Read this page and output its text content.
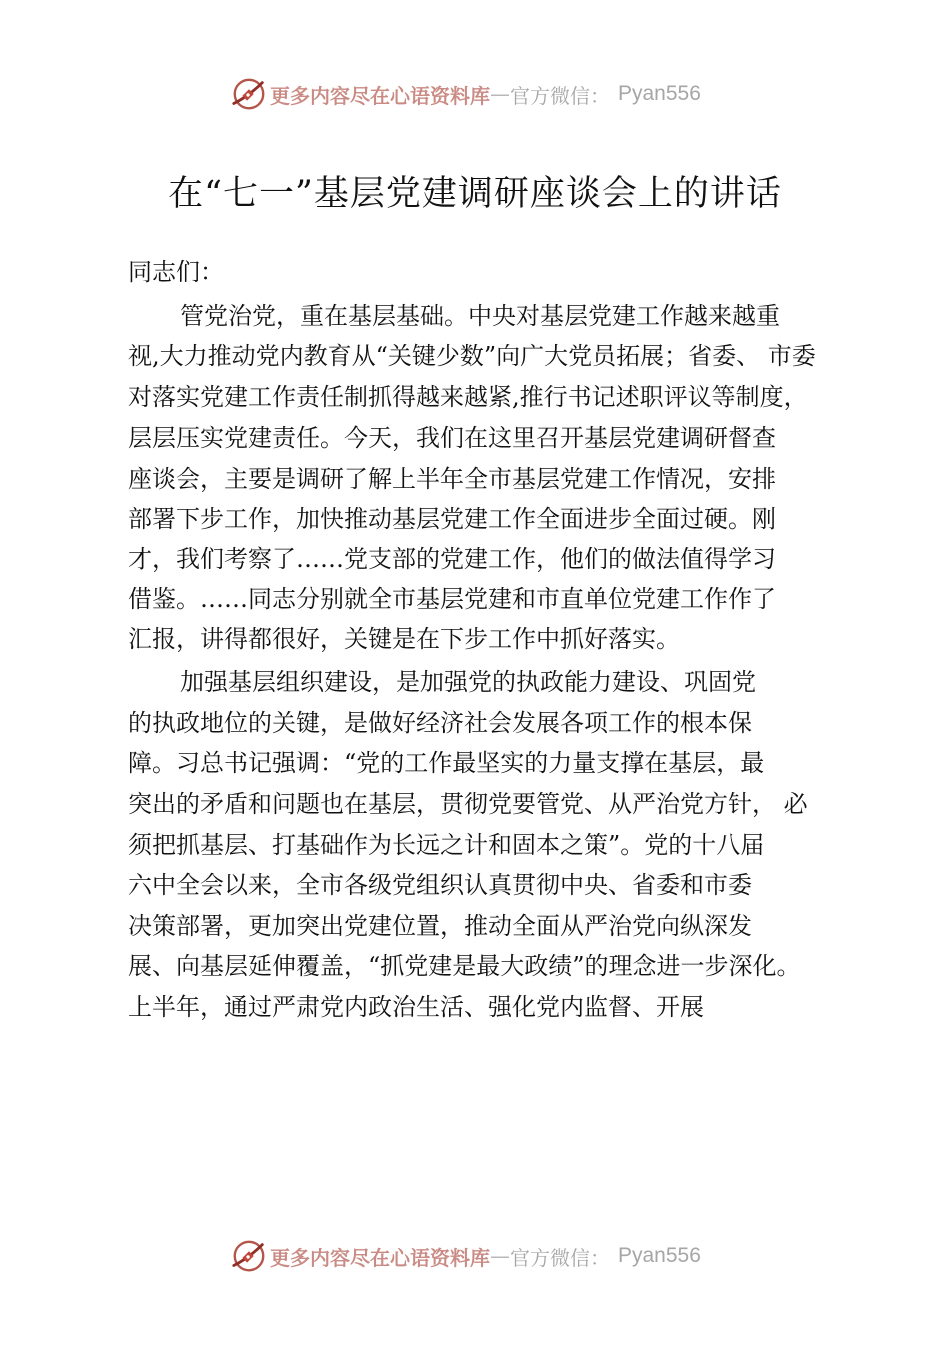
更多内容尽在心语资料库 — 官方微信： Pyan556
在“七一”基层党建调研座谈会上的讲话

同志们：

管党治党，重在基层基础。中央对基层党建工作越来越重

视,大力推动党内教育从“关键少数”向广大党员拓展；省委、 市委

对落实党建工作责任制抓得越来越紧,推行书记述职评议等制度，

层层压实党建责任。今天，我们在这里召开基层党建调研督查

座谈会，主要是调研了解上半年全市基层党建工作情况，安排

部署下步工作，加快推动基层党建工作全面进步全面过硬。刚

才，我们考察了……党支部的党建工作，他们的做法值得学习

借鉴。……同志分别就全市基层党建和市直单位党建工作作了

汇报，讲得都很好，关键是在下步工作中抓好落实。

加强基层组织建设，是加强党的执政能力建设、巩固党

的执政地位的关键，是做好经济社会发展各项工作的根本保

障。习总书记强调：“党的工作最坚实的力量支撑在基层，最

突出的矛盾和问题也在基层，贯彻党要管党、从严治党方针， 必

须把抓基层、打基础作为长远之计和固本之策”。党的十八届

六中全会以来，全市各级党组织认真贯彻中央、省委和市委

决策部署，更加突出党建位置，推动全面从严治党向纵深发

展、向基层延伸覆盖，“抓党建是最大政绩”的理念进一步深化。

上半年，通过严肃党内政治生活、强化党内监督、开展

更多内容尽在心语资料库 — 官方微信： Pyan556
